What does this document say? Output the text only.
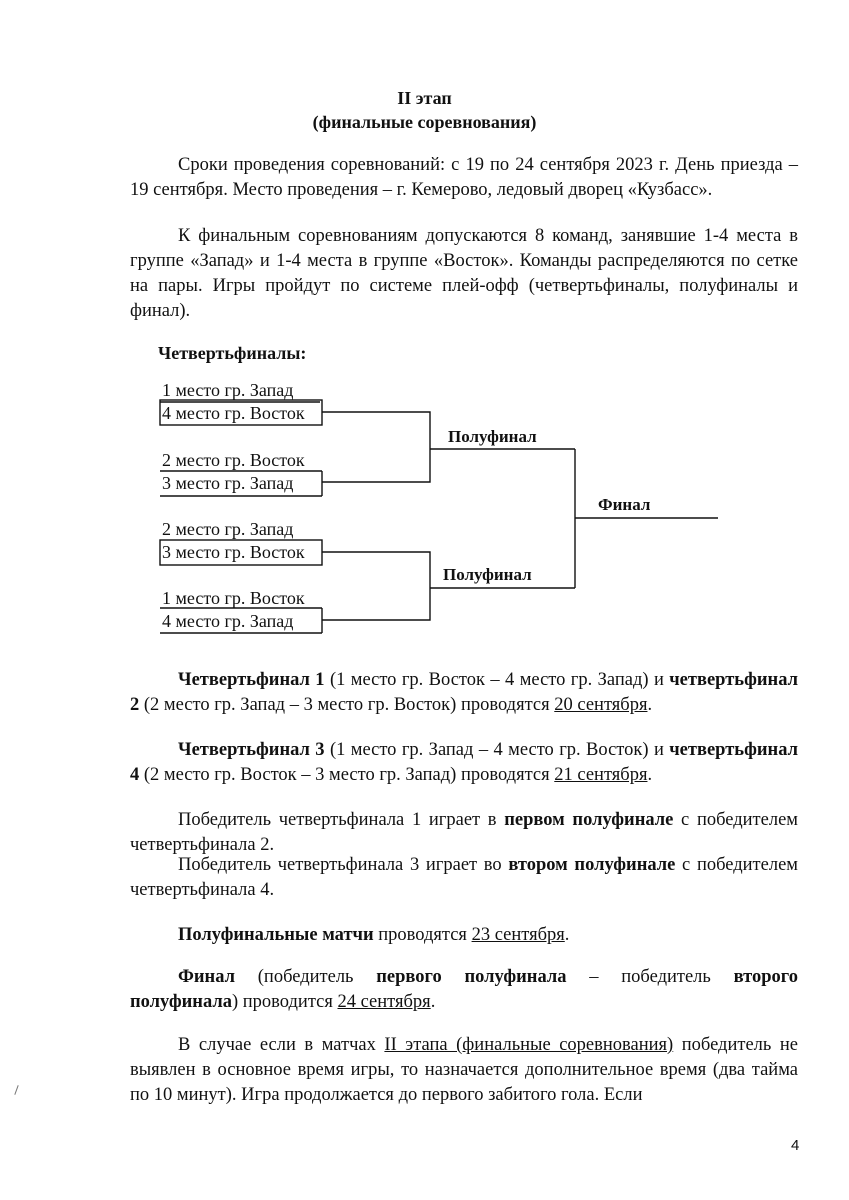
II этап
(финальные соревнования)
Сроки проведения соревнований: с 19 по 24 сентября 2023 г. День приезда – 19 сентября. Место проведения – г. Кемерово, ледовый дворец «Кузбасс».
К финальным соревнованиям допускаются 8 команд, занявшие 1-4 места в группе «Запад» и 1-4 места в группе «Восток». Команды распределяются по сетке на пары. Игры пройдут по системе плей-офф (четвертьфиналы, полуфиналы и финал).
Четвертьфиналы:
1 место гр. Запад
4 место гр. Восток
2 место гр. Восток
3 место гр. Запад
2 место гр. Запад
3 место гр. Восток
1 место гр. Восток
4 место гр. Запад
Полуфинал
Полуфинал
Финал
Четвертьфинал 1 (1 место гр. Восток – 4 место гр. Запад) и четвертьфинал 2 (2 место гр. Запад – 3 место гр. Восток) проводятся 20 сентября.
Четвертьфинал 3 (1 место гр. Запад – 4 место гр. Восток) и четвертьфинал 4 (2 место гр. Восток – 3 место гр. Запад) проводятся 21 сентября.
Победитель четвертьфинала 1 играет в первом полуфинале с победителем четвертьфинала 2.
Победитель четвертьфинала 3 играет во втором полуфинале с победителем четвертьфинала 4.
Полуфинальные матчи проводятся 23 сентября.
Финал (победитель первого полуфинала – победитель второго полуфинала) проводится 24 сентября.
В случае если в матчах II этапа (финальные соревнования) победитель не выявлен в основное время игры, то назначается дополнительное время (два тайма по 10 минут). Игра продолжается до первого забитого гола. Если
4
